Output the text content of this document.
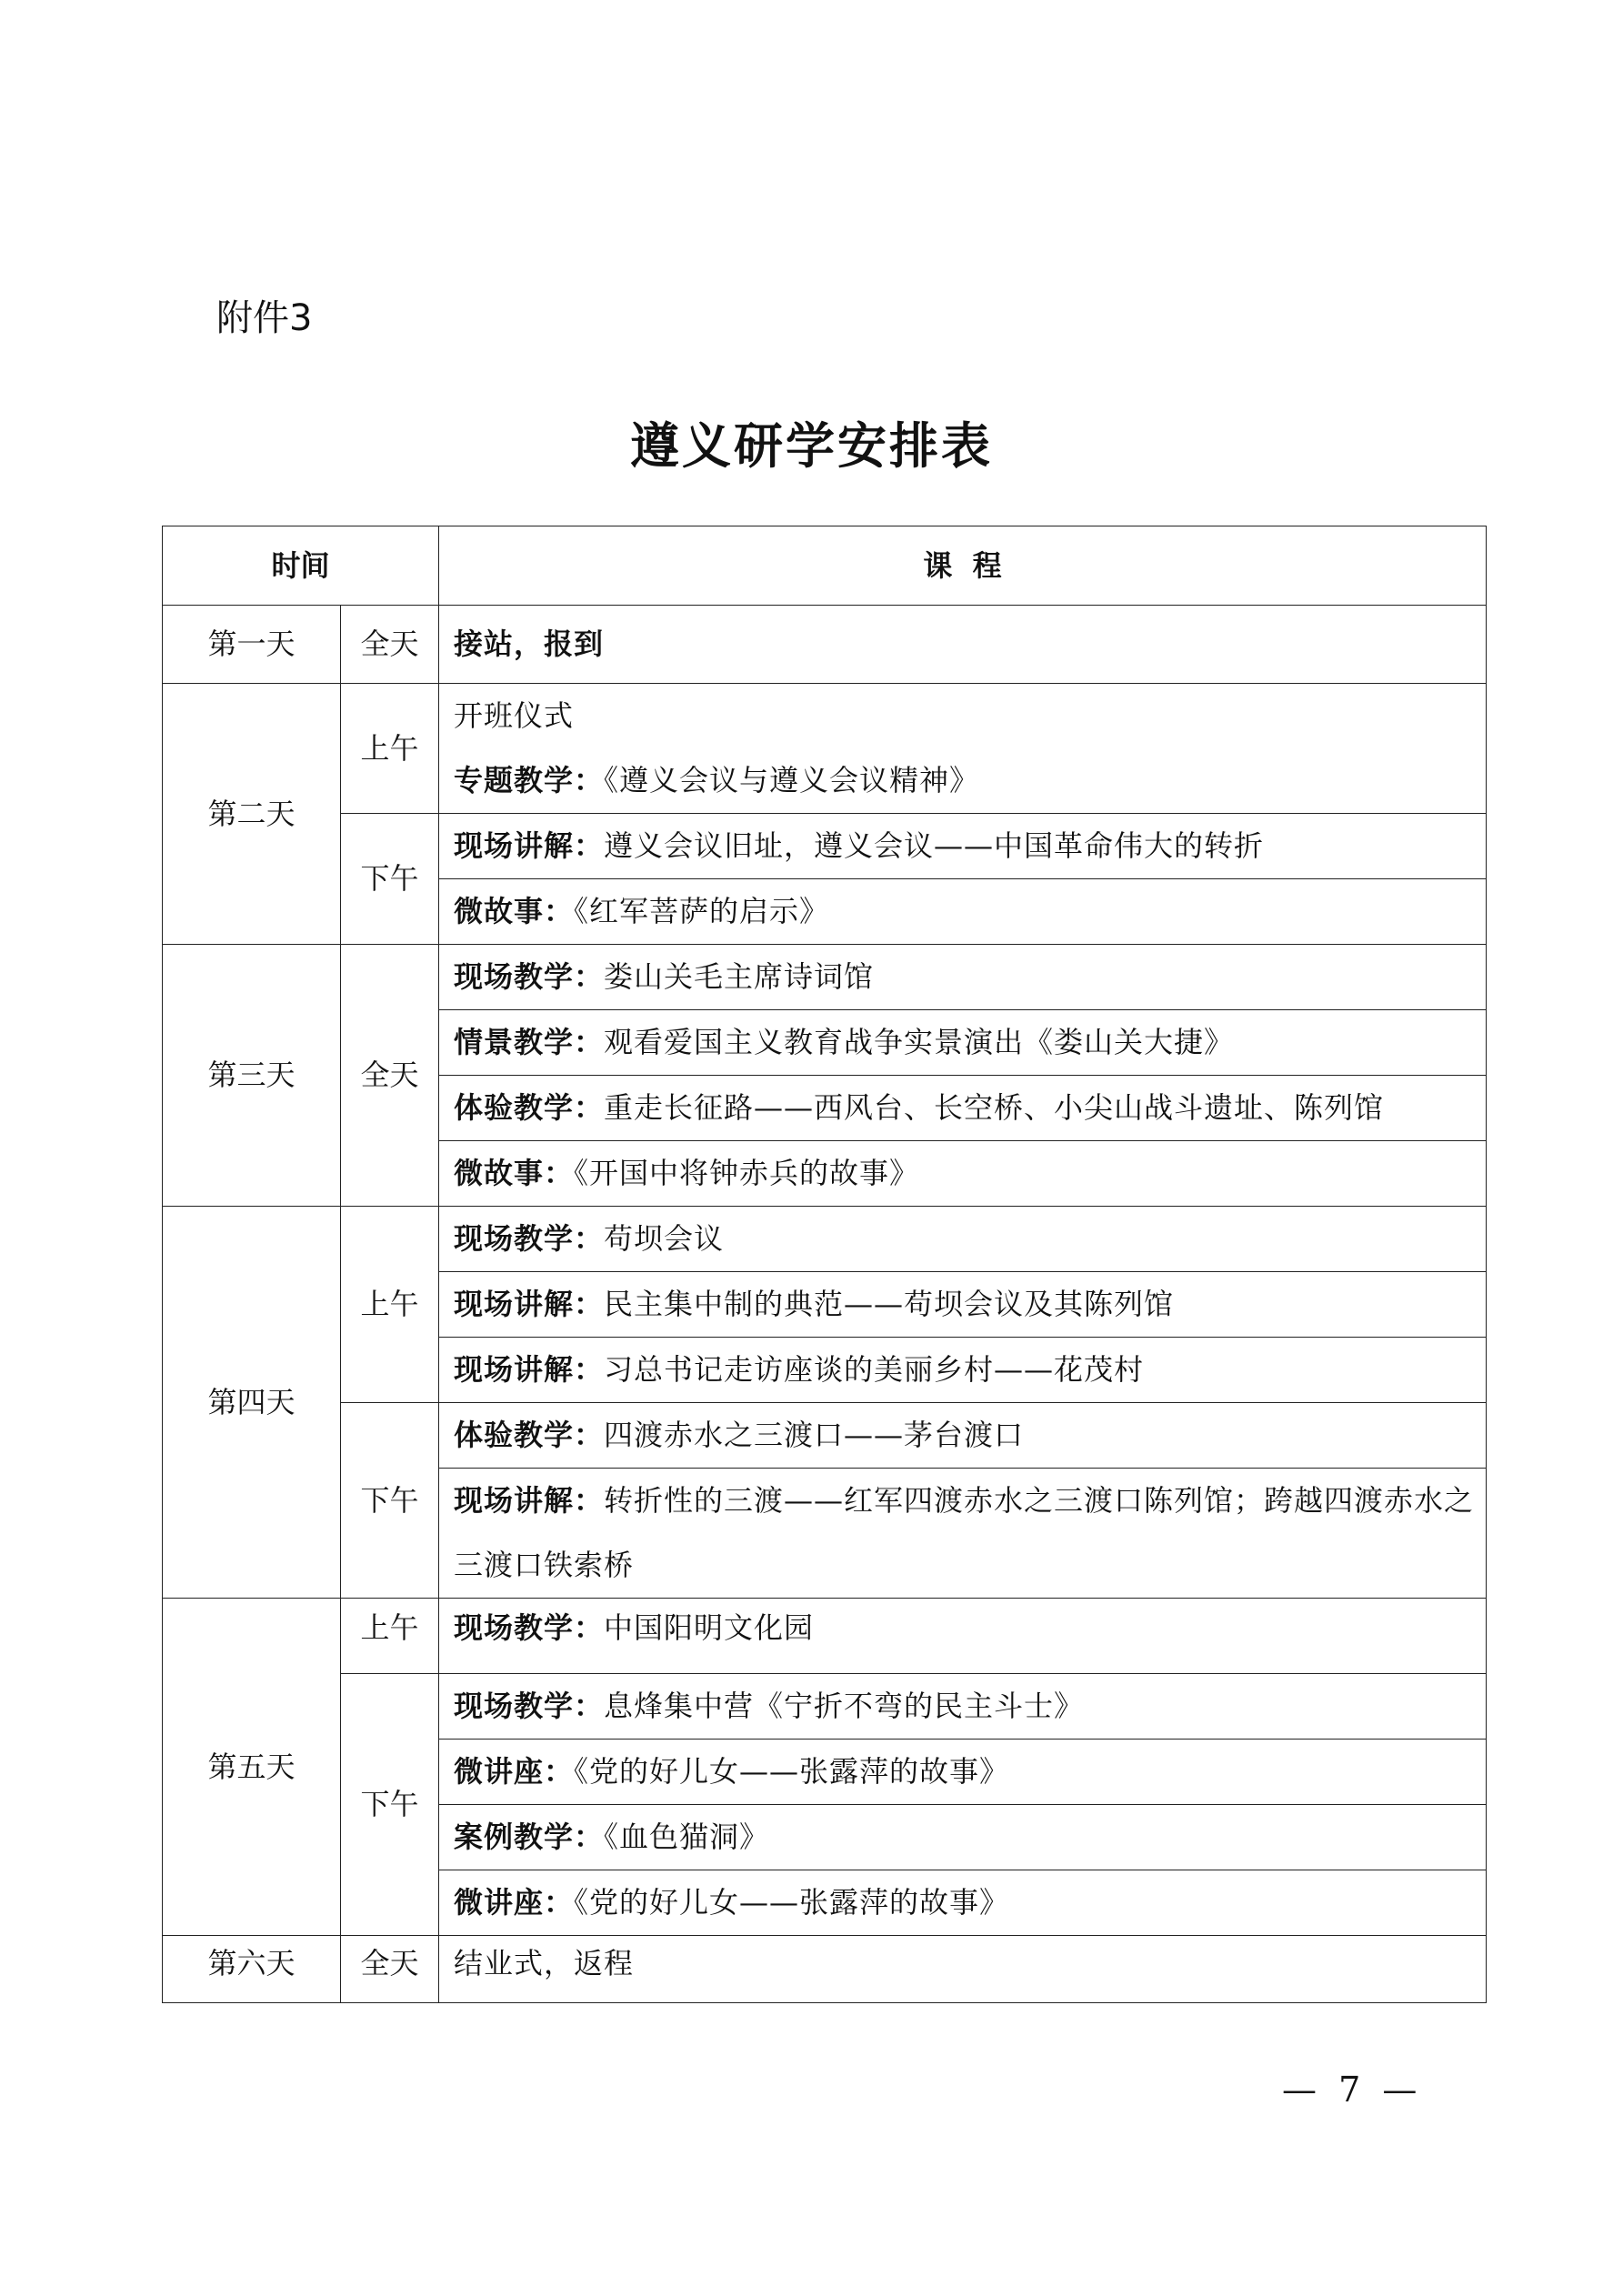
附件3
遵义研学安排表
时间		课  程
第一天	全天	接站，报到
第二天	上午	开班仪式
专题教学：《遵义会议与遵义会议精神》

	下午	现场讲解：遵义会议旧址，遵义会议——中国革命伟大的转折
		微故事：《红军菩萨的启示》
第三天	全天	现场教学：娄山关毛主席诗词馆
		情景教学：观看爱国主义教育战争实景演出《娄山关大捷》
		体验教学：重走长征路——西风台、长空桥、小尖山战斗遗址、陈列馆
		微故事：《开国中将钟赤兵的故事》
第四天	上午	现场教学：苟坝会议
		现场讲解：民主集中制的典范——苟坝会议及其陈列馆
		现场讲解：习总书记走访座谈的美丽乡村——花茂村
	下午	体验教学：四渡赤水之三渡口——茅台渡口
		现场讲解：转折性的三渡——红军四渡赤水之三渡口陈列馆；跨越四渡赤水之三渡口铁索桥
第五天	上午	现场教学：中国阳明文化园
	下午	现场教学：息烽集中营《宁折不弯的民主斗士》
		微讲座：《党的好儿女——张露萍的故事》
		案例教学：《血色猫洞》
		微讲座：《党的好儿女——张露萍的故事》
第六天	全天	结业式，返程
— 7 —
